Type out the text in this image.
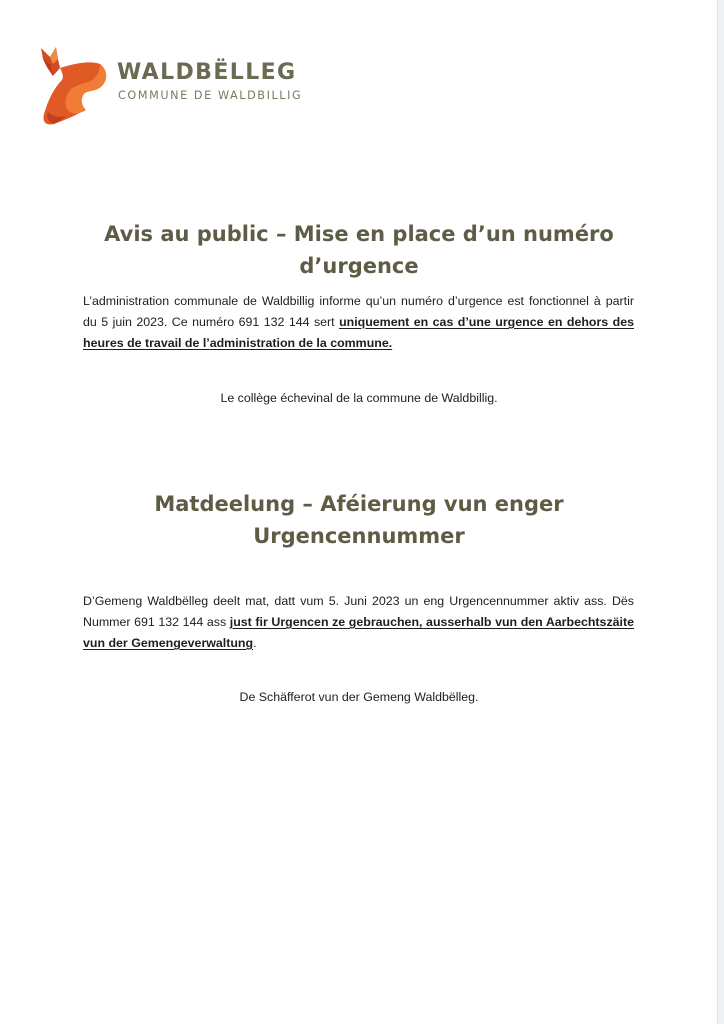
WALDBËLLEG
COMMUNE DE WALDBILLIG
Avis au public – Mise en place d’un numéro
d’urgence
L’administration communale de Waldbillig informe qu’un numéro d’urgence est fonctionnel à partir du 5 juin 2023. Ce numéro 691 132 144 sert uniquement en cas d’une urgence en dehors des heures de travail de l’administration de la commune.
Le collège échevinal de la commune de Waldbillig.
Matdeelung – Aféierung vun enger
Urgencennummer
D’Gemeng Waldbëlleg deelt mat, datt vum 5. Juni 2023 un eng Urgencennummer aktiv ass. Dës Nummer 691 132 144 ass just fir Urgencen ze gebrauchen, ausserhalb vun den Aarbechtszäite vun der Gemengeverwaltung.
De Schäfferot vun der Gemeng Waldbëlleg.
